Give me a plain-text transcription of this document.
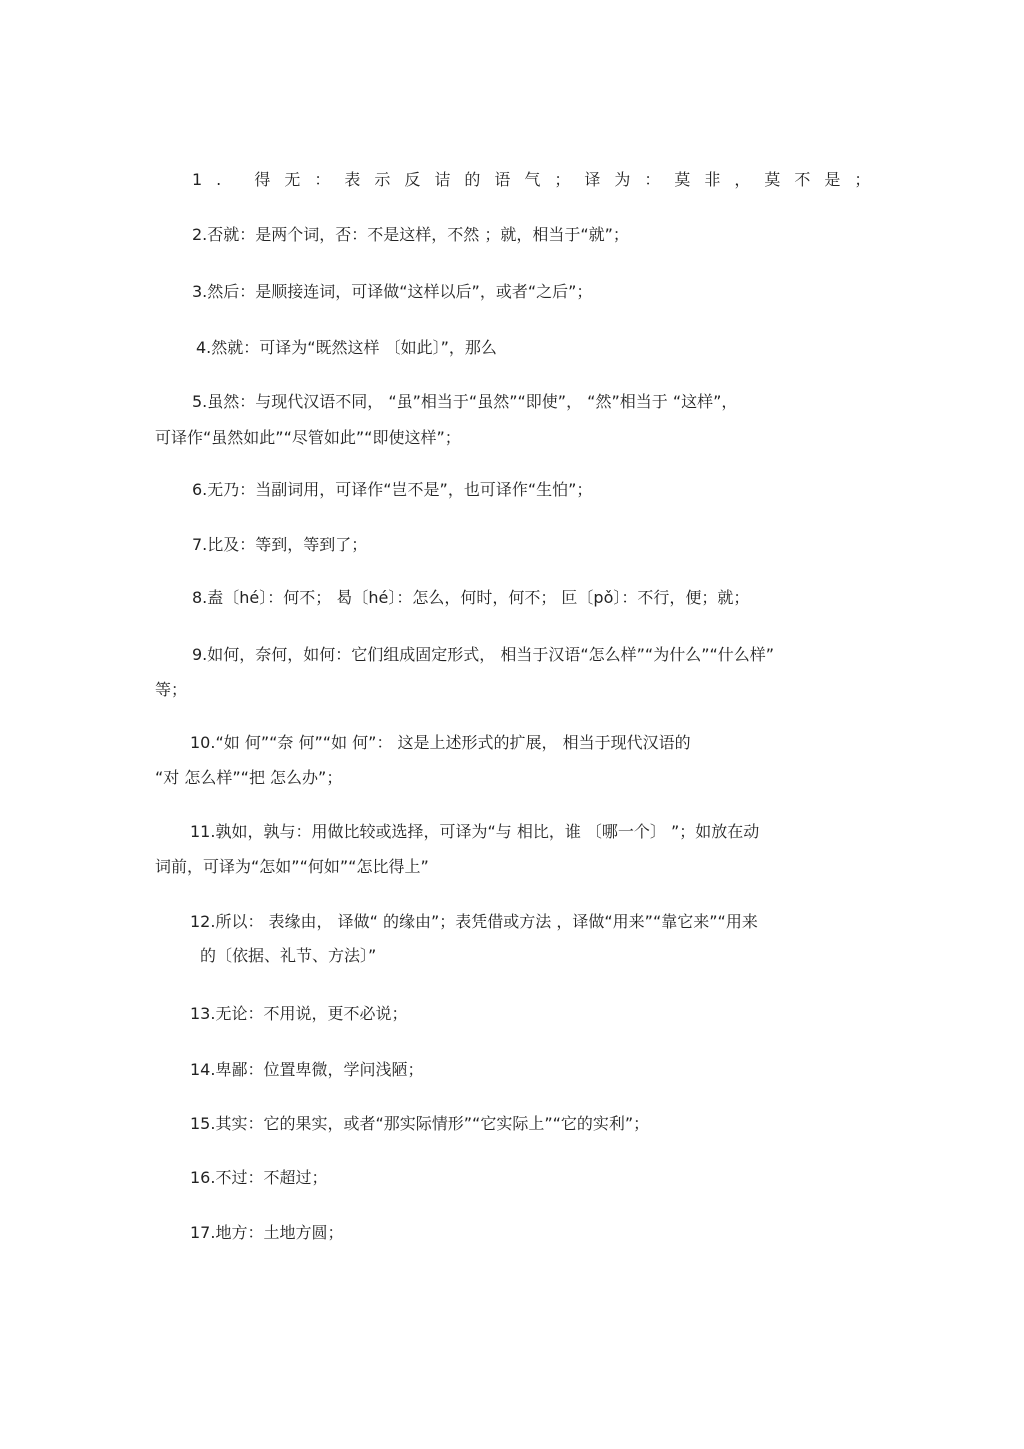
1. 得无：表示反诘的语气；译为：莫非，莫不是；
2.否就：是两个词，否：不是这样，不然 ；就，相当于“就”；
3.然后：是顺接连词，可译做“这样以后”，或者“之后”；
4.然就：可译为“既然这样 〔如此〕”，那么
5.虽然：与现代汉语不同， “虽”相当于“虽然”“即使”， “然”相当于 “这样”，
可译作“虽然如此”“尽管如此”“即使这样”；
6.无乃：当副词用，可译作“岂不是”，也可译作“生怕”；
7.比及：等到，等到了；
8.盍〔hé〕：何不； 曷〔hé〕：怎么，何时，何不； 叵〔pǒ〕：不行，便；就；
9.如何，奈何，如何：它们组成固定形式， 相当于汉语“怎么样”“为什么”“什么样”
等；
10.“如 何”“奈 何”“如 何”： 这是上述形式的扩展， 相当于现代汉语的
“对 怎么样”“把 怎么办”；
11.孰如，孰与：用做比较或选择，可译为“与 相比，谁 〔哪一个〕 ”；如放在动
词前，可译为“怎如”“何如”“怎比得上”
12.所以： 表缘由， 译做“ 的缘由”；表凭借或方法 ，译做“用来”“靠它来”“用来
的〔依据、礼节、方法〕”
13.无论：不用说，更不必说；
14.卑鄙：位置卑微，学问浅陋；
15.其实：它的果实，或者“那实际情形”“它实际上”“它的实利”；
16.不过：不超过；
17.地方：土地方圆；
